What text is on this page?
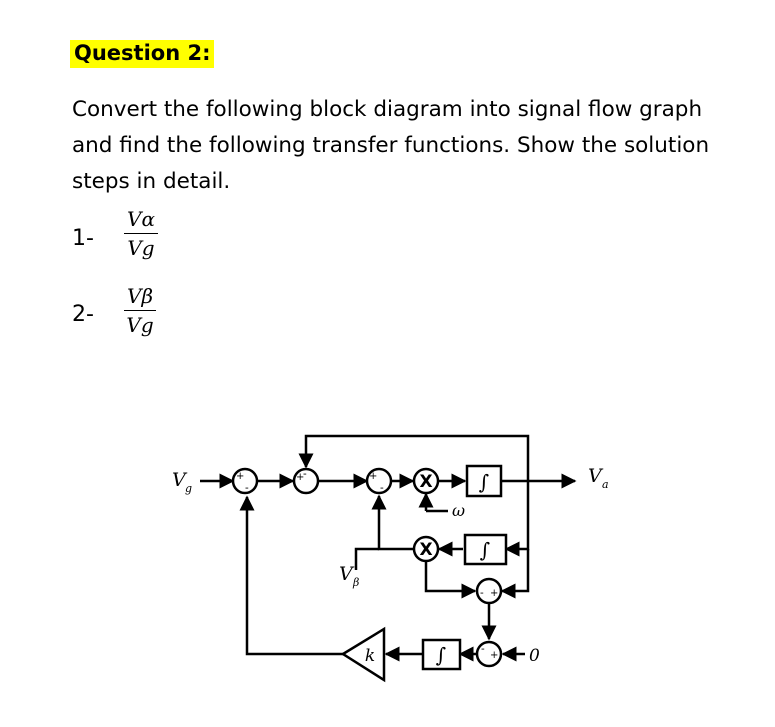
Question 2:
Convert the following block diagram into signal flow graph and find the following transfer functions. Show the solution steps in detail.
$1- \frac{V\alpha}{Vg}$
$2- \frac{V\beta}{Vg}$
+
-
+
-	+
-
- +
-
+
X
X
∫
∫
∫
k
V g
V a
V β
ω
0
